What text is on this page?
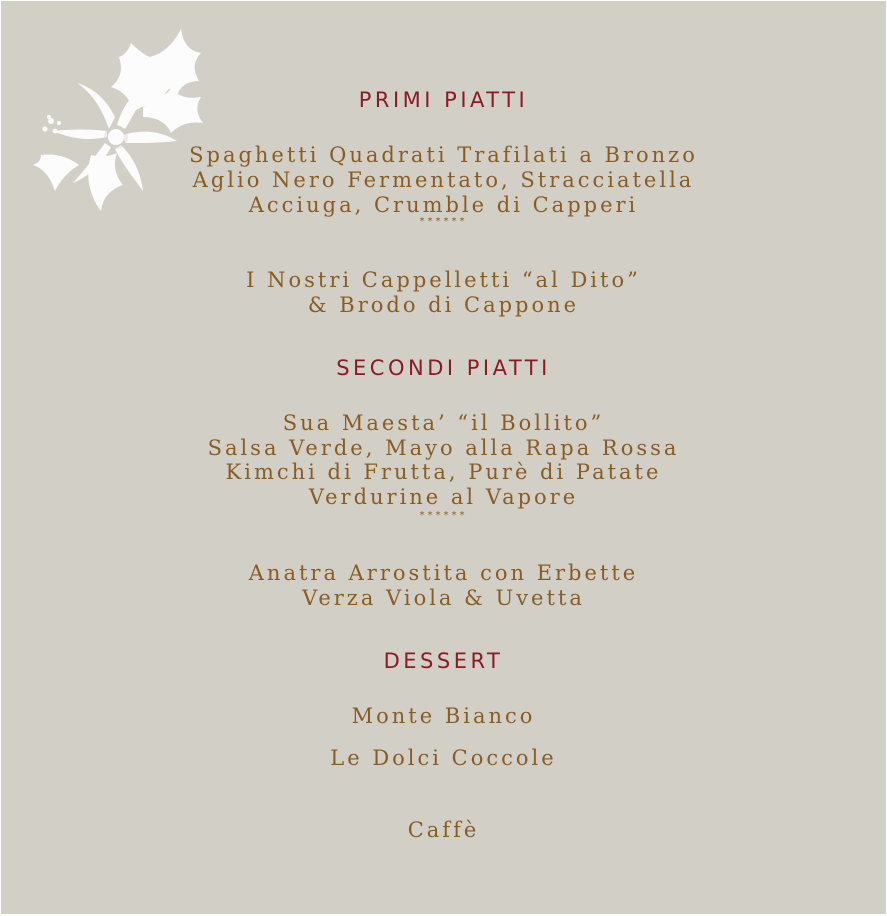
PRIMI PIATTI
Spaghetti Quadrati Trafilati a Bronzo
Aglio Nero Fermentato, Stracciatella
Acciuga, Crumble di Capperi
******
I Nostri Cappelletti “al Dito”
& Brodo di Cappone
SECONDI PIATTI
Sua Maesta’ “il Bollito”
Salsa Verde, Mayo alla Rapa Rossa
Kimchi di Frutta, Purè di Patate
Verdurine al Vapore
******
Anatra Arrostita con Erbette
Verza Viola & Uvetta
DESSERT
Monte Bianco
Le Dolci Coccole
Caffè
